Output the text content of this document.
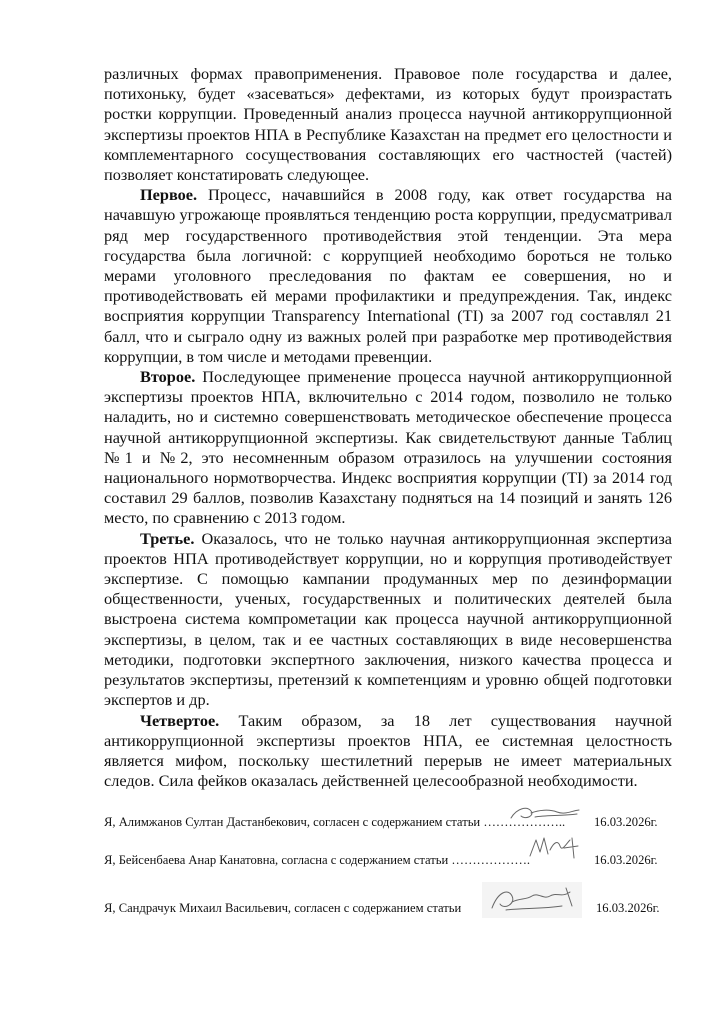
различных формах правоприменения. Правовое поле государства и далее, потихоньку, будет «засеваться» дефектами, из которых будут произрастать ростки коррупции. Проведенный анализ процесса научной антикоррупционной экспертизы проектов НПА в Республике Казахстан на предмет его целостности и комплементарного сосуществования составляющих его частностей (частей) позволяет констатировать следующее.

Первое. Процесс, начавшийся в 2008 году, как ответ государства на начавшую угрожающе проявляться тенденцию роста коррупции, предусматривал ряд мер государственного противодействия этой тенденции. Эта мера государства была логичной: с коррупцией необходимо бороться не только мерами уголовного преследования по фактам ее совершения, но и противодействовать ей мерами профилактики и предупреждения. Так, индекс восприятия коррупции Transparency International (TI) за 2007 год составлял 21 балл, что и сыграло одну из важных ролей при разработке мер противодействия коррупции, в том числе и методами превенции.

Второе. Последующее применение процесса научной антикоррупционной экспертизы проектов НПА, включительно с 2014 годом, позволило не только наладить, но и системно совершенствовать методическое обеспечение процесса научной антикоррупционной экспертизы. Как свидетельствуют данные Таблиц №1 и №2, это несомненным образом отразилось на улучшении состояния национального нормотворчества. Индекс восприятия коррупции (TI) за 2014 год составил 29 баллов, позволив Казахстану подняться на 14 позиций и занять 126 место, по сравнению с 2013 годом.

Третье. Оказалось, что не только научная антикоррупционная экспертиза проектов НПА противодействует коррупции, но и коррупция противодействует экспертизе. С помощью кампании продуманных мер по дезинформации общественности, ученых, государственных и политических деятелей была выстроена система компрометации как процесса научной антикоррупционной экспертизы, в целом, так и ее частных составляющих в виде несовершенства методики, подготовки экспертного заключения, низкого качества процесса и результатов экспертизы, претензий к компетенциям и уровню общей подготовки экспертов и др.

Четвертое. Таким образом, за 18 лет существования научной антикоррупционной экспертизы проектов НПА, ее системная целостность является мифом, поскольку шестилетний перерыв не имеет материальных следов. Сила фейков оказалась действенней целесообразной необходимости.

Я, Алимжанов Султан Дастанбекович, согласен с содержанием статьи ……………….. 16.03.2026г.
Я, Бейсенбаева Анар Канатовна, согласна с содержанием статьи ……………….	16.03.2026г.
Я, Сандрачук Михаил Васильевич, согласен с содержанием статьи	16.03.2026г.
